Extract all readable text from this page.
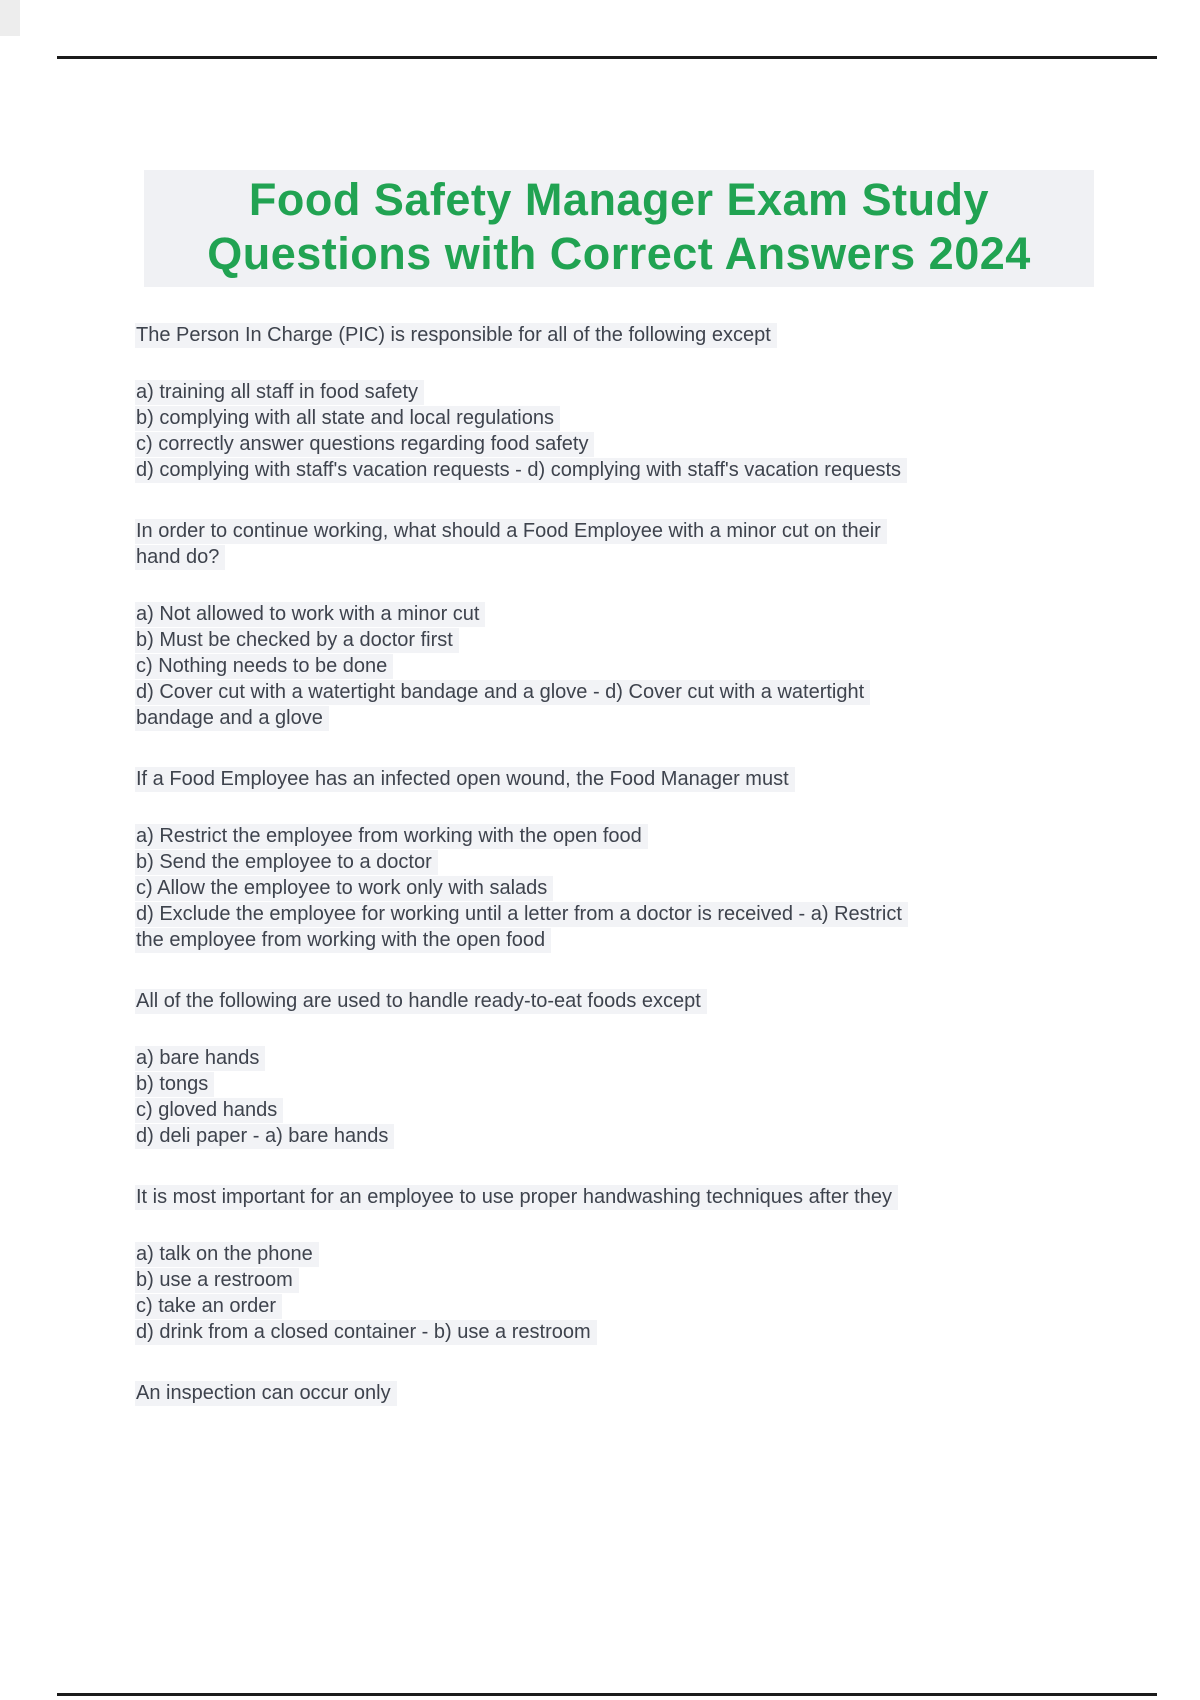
Food Safety Manager Exam Study
Questions with Correct Answers 2024
The Person In Charge (PIC) is responsible for all of the following except
a) training all staff in food safety
b) complying with all state and local regulations
c) correctly answer questions regarding food safety
d) complying with staff's vacation requests - d) complying with staff's vacation requests
In order to continue working, what should a Food Employee with a minor cut on their
hand do?
a) Not allowed to work with a minor cut
b) Must be checked by a doctor first
c) Nothing needs to be done
d) Cover cut with a watertight bandage and a glove - d) Cover cut with a watertight
bandage and a glove
If a Food Employee has an infected open wound, the Food Manager must
a) Restrict the employee from working with the open food
b) Send the employee to a doctor
c) Allow the employee to work only with salads
d) Exclude the employee for working until a letter from a doctor is received - a) Restrict
the employee from working with the open food
All of the following are used to handle ready-to-eat foods except
a) bare hands
b) tongs
c) gloved hands
d) deli paper - a) bare hands
It is most important for an employee to use proper handwashing techniques after they
a) talk on the phone
b) use a restroom
c) take an order
d) drink from a closed container - b) use a restroom
An inspection can occur only
